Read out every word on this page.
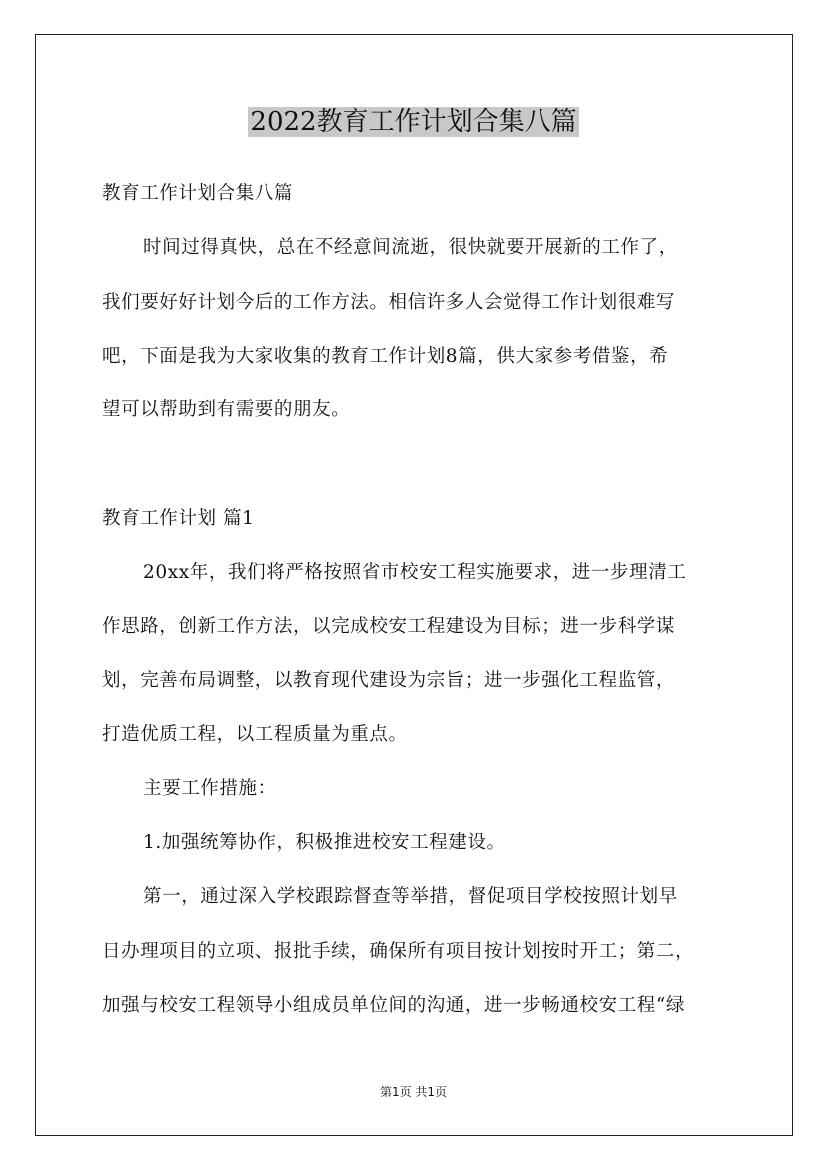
2022教育工作计划合集八篇
教育工作计划合集八篇
时间过得真快，总在不经意间流逝，很快就要开展新的工作了，
我们要好好计划今后的工作方法。相信许多人会觉得工作计划很难写
吧，下面是我为大家收集的教育工作计划8篇，供大家参考借鉴，希
望可以帮助到有需要的朋友。
教育工作计划 篇1
20xx年，我们将严格按照省市校安工程实施要求，进一步理清工
作思路，创新工作方法，以完成校安工程建设为目标；进一步科学谋
划，完善布局调整，以教育现代建设为宗旨；进一步强化工程监管，
打造优质工程，以工程质量为重点。
主要工作措施：
1.加强统筹协作，积极推进校安工程建设。
第一，通过深入学校跟踪督查等举措，督促项目学校按照计划早
日办理项目的立项、报批手续，确保所有项目按计划按时开工；第二，
加强与校安工程领导小组成员单位间的沟通，进一步畅通校安工程“绿
第1页 共1页
